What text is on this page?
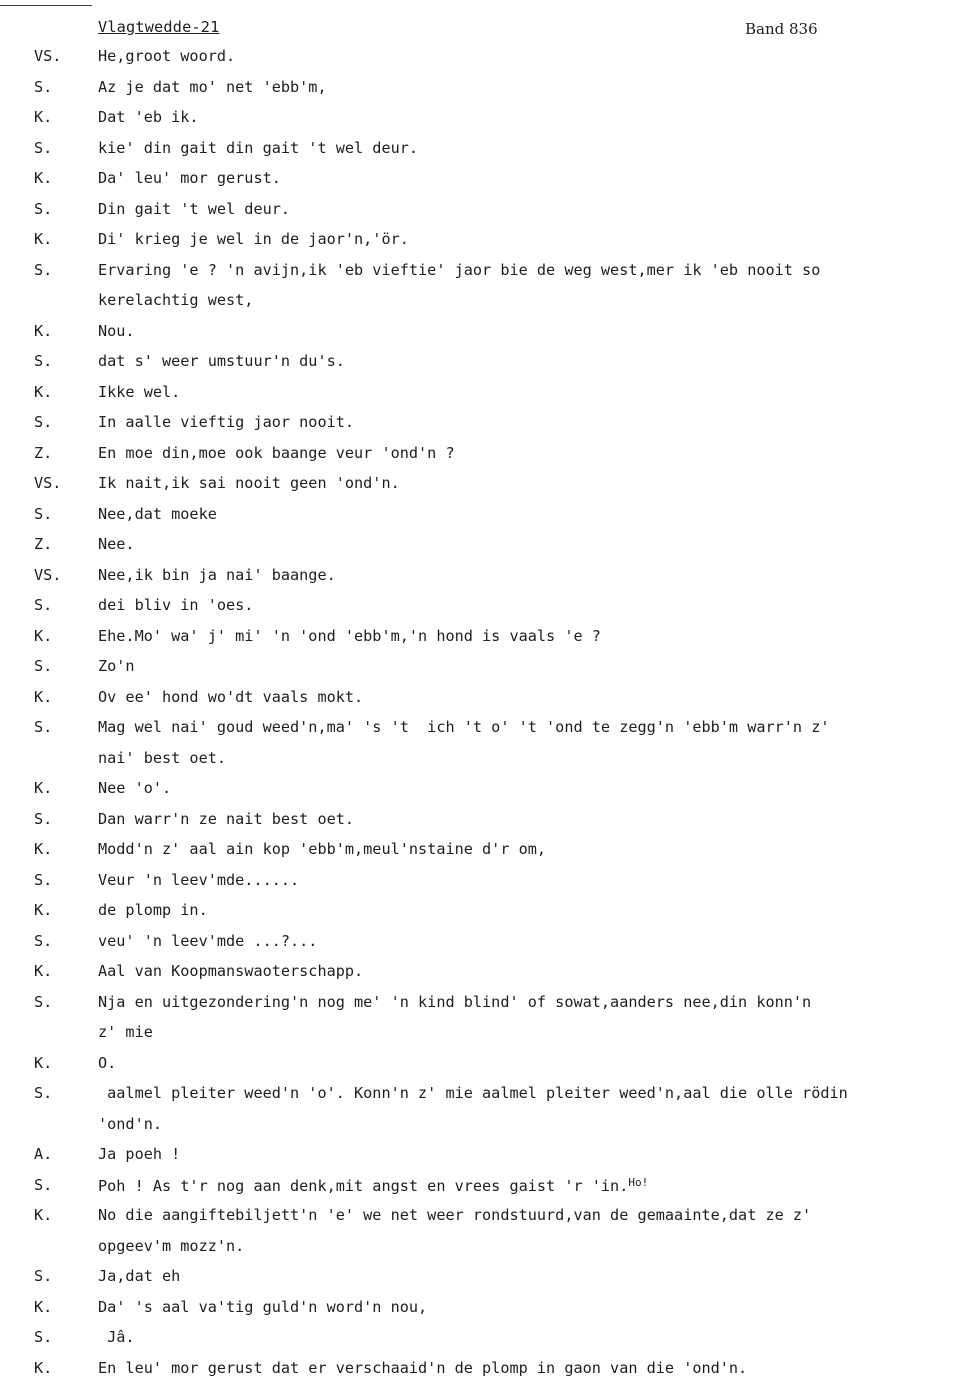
Vlagtwedde-21	Band 836
VS. He,groot woord.
S.	Az je dat mo' net 'ebb'm,
K.	Dat 'eb ik.
S.	kie' din gait din gait 't wel deur.
K.	Da' leu' mor gerust.
S.	Din gait 't wel deur.
K.	Di' krieg je wel in de jaor'n,'ör.
S.	Ervaring 'e ? 'n avijn,ik 'eb vieftie' jaor bie de weg west,mer ik 'eb nooit so
kerelachtig west,
K.	Nou.
S.	dat s' weer umstuur'n du's.
K.	Ikke wel.
S.	In aalle vieftig jaor nooit.
Z.	En moe din,moe ook baange veur 'ond'n ?
VS. Ik nait,ik sai nooit geen 'ond'n.
S.	Nee,dat moeke
Z.	Nee.
VS. Nee,ik bin ja nai' baange.
S.	dei bliv in 'oes.
K.	Ehe.Mo' wa' j' mi' 'n 'ond 'ebb'm,'n hond is vaals 'e ?
S.	Zo'n
K.	Ov ee' hond wo'dt vaals mokt.
S.	Mag wel nai' goud weed'n,ma' 's 't  ich 't o' 't 'ond te zegg'n 'ebb'm warr'n z'
nai' best oet.
K.	Nee 'o'.
S.	Dan warr'n ze nait best oet.
K.	Modd'n z' aal ain kop 'ebb'm,meul'nstaine d'r om,
S.	Veur 'n leev'mde......
K.	de plomp in.
S.	veu' 'n leev'mde ...?...
K.	Aal van Koopmanswaoterschapp.
S.	Nja en uitgezondering'n nog me' 'n kind blind' of sowat,aanders nee,din konn'n
z' mie
K.	O.
S.	aalmel pleiter weed'n 'o'. Konn'n z' mie aalmel pleiter weed'n,aal die olle rödin
'ond'n.
A.	Ja poeh !
S.	Poh ! As t'r nog aan denk,mit angst en vrees gaist 'r 'in.$^{Ho!}$
K.	No die aangiftebiljett'n 'e' we net weer rondstuurd,van de gemaainte,dat ze z'
opgeev'm mozz'n.
S.	Ja,dat eh
K.	Da' 's aal va'tig guld'n word'n nou,
S.	Jâ.
K.	En leu' mor gerust dat er verschaaid'n de plomp in gaon van die 'ond'n.
